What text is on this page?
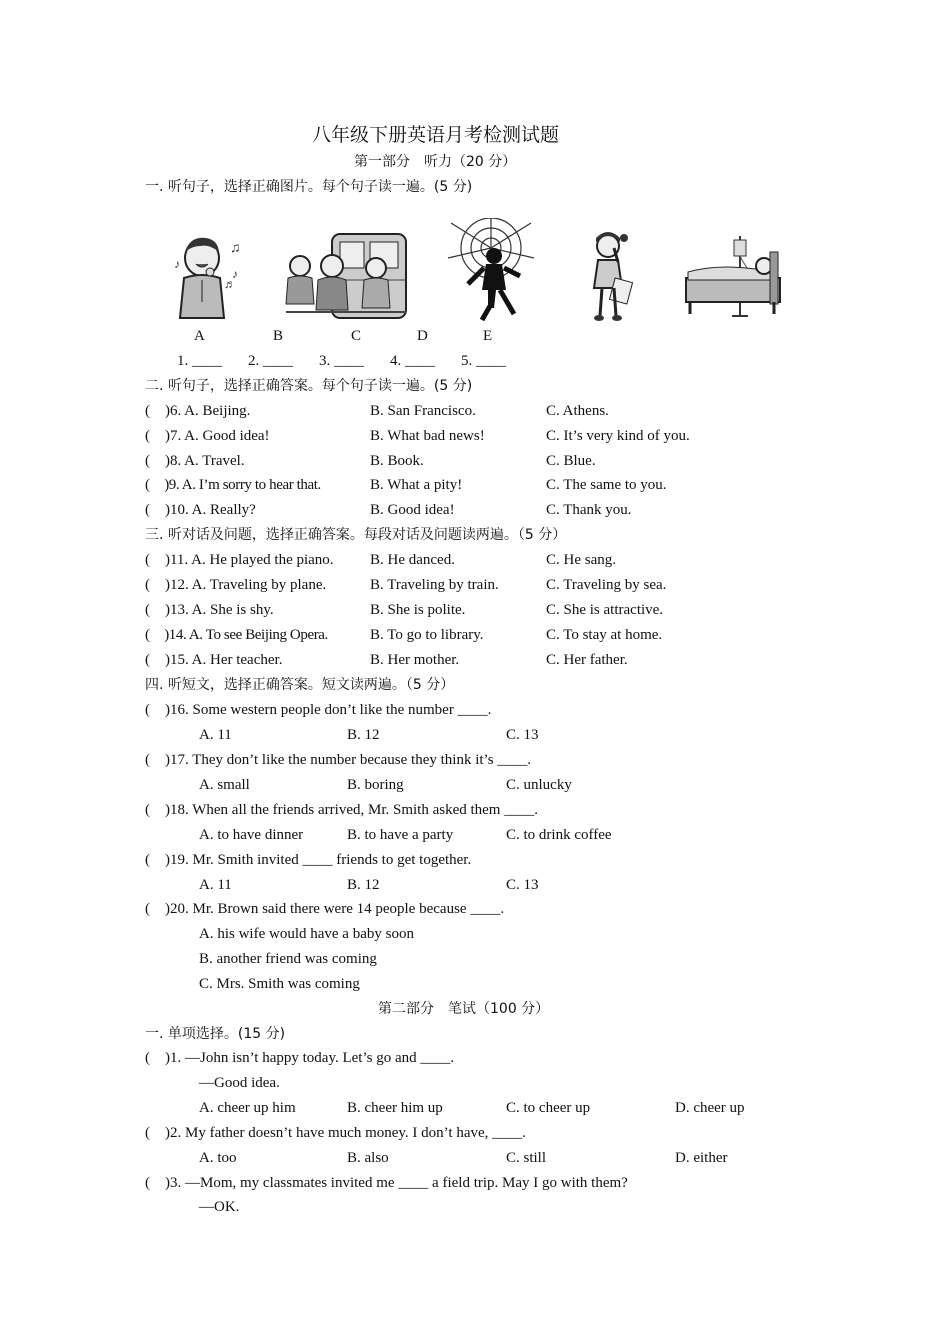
八年级下册英语月考检测试题
第一部分　听力（20 分）
一. 听句子，选择正确图片。每个句子读一遍。(5 分)
♪
♫
♪
♬
A	B	C	D	E
1. ____ 2. ____ 3. ____ 4. ____ 5. ____
二. 听句子，选择正确答案。每个句子读一遍。(5 分)
(　)6. A. Beijing.	B. San Francisco.	C. Athens.
(　)7. A. Good idea!	B. What bad news!	C. It’s very kind of you.
(　)8. A. Travel.	B. Book.	C. Blue.
(　)9. A. I’m sorry to hear that.	B. What a pity!	C. The same to you.
(　)10. A. Really?	B. Good idea!	C. Thank you.
三. 听对话及问题，选择正确答案。每段对话及问题读两遍。（5 分）
(　)11. A. He played the piano. B. He danced.	C. He sang.
(　)12. A. Traveling by plane.	B. Traveling by train.	C. Traveling by sea.
(　)13. A. She is shy.	B. She is polite.	C. She is attractive.
(　)14. A. To see Beijing Opera.	B. To go to library.	C. To stay at home.
(　)15. A. Her teacher.	B. Her mother.	C. Her father.
四. 听短文，选择正确答案。短文读两遍。（5 分）
(　)16. Some western people don’t like the number ____.
A. 11	B. 12	C. 13
(　)17. They don’t like the number because they think it’s ____.
A. small	B. boring	C. unlucky
(　)18. When all the friends arrived, Mr. Smith asked them ____.
A. to have dinner	B. to have a party	C. to drink coffee
(　)19. Mr. Smith invited ____ friends to get together.
A. 11	B. 12	C. 13
(　)20. Mr. Brown said there were 14 people because ____.
A. his wife would have a baby soon
B. another friend was coming
C. Mrs. Smith was coming
第二部分　笔试（100 分）
一. 单项选择。(15 分)
(　)1. —John isn’t happy today. Let’s go and ____.
—Good idea.
A. cheer up him	B. cheer him up	C. to cheer up	D. cheer up
(　)2. My father doesn’t have much money. I don’t have, ____.
A. too	B. also	C. still	D. either
(　)3. —Mom, my classmates invited me ____ a field trip. May I go with them?
—OK.
